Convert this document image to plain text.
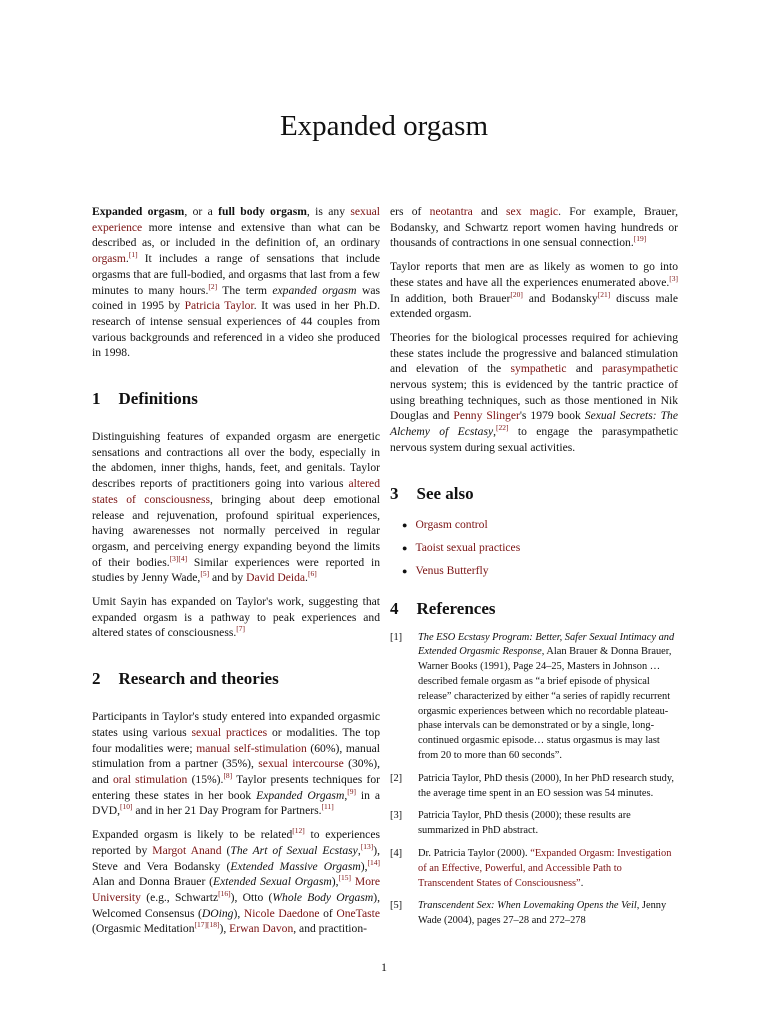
Expanded orgasm

Expanded orgasm, or a full body orgasm, is any sexual experience more intense and extensive than what can be described as, or included in the definition of, an ordinary orgasm.[1] It includes a range of sensations that include orgasms that are full-bodied, and orgasms that last from a few minutes to many hours.[2] The term expanded orgasm was coined in 1995 by Patricia Taylor. It was used in her Ph.D. research of intense sensual experiences of 44 couples from various backgrounds and referenced in a video she produced in 1998.

1 Definitions

Distinguishing features of expanded orgasm are energetic sensations and contractions all over the body, especially in the abdomen, inner thighs, hands, feet, and genitals. Taylor describes reports of practitioners going into various altered states of consciousness, bringing about deep emotional release and rejuvenation, profound spiritual experiences, having awarenesses not normally perceived in regular orgasm, and perceiving energy expanding beyond the limits of their bodies.[3][4] Similar experiences were reported in studies by Jenny Wade,[5] and by David Deida.[6]

Umit Sayin has expanded on Taylor's work, suggesting that expanded orgasm is a pathway to peak experiences and altered states of consciousness.[7]

2 Research and theories

Participants in Taylor's study entered into expanded orgasmic states using various sexual practices or modalities. The top four modalities were; manual self-stimulation (60%), manual stimulation from a partner (35%), sexual intercourse (30%), and oral stimulation (15%).[8] Taylor presents techniques for entering these states in her book Expanded Orgasm,[9] in a DVD,[10] and in her 21 Day Program for Partners.[11]

Expanded orgasm is likely to be related[12] to experiences reported by Margot Anand (The Art of Sexual Ecstasy,[13]), Steve and Vera Bodansky (Extended Massive Orgasm),[14] Alan and Donna Brauer (Extended Sexual Orgasm),[15] More University (e.g., Schwartz[16]), Otto (Whole Body Orgasm), Welcomed Consensus (DOing), Nicole Daedone of OneTaste (Orgasmic Meditation[17][18]), Erwan Davon, and practition-

ers of neotantra and sex magic. For example, Brauer, Bodansky, and Schwartz report women having hundreds or thousands of contractions in one sensual connection.[19]

Taylor reports that men are as likely as women to go into these states and have all the experiences enumerated above.[3] In addition, both Brauer[20] and Bodansky[21] discuss male extended orgasm.

Theories for the biological processes required for achieving these states include the progressive and balanced stimulation and elevation of the sympathetic and parasympathetic nervous system; this is evidenced by the tantric practice of using breathing techniques, such as those mentioned in Nik Douglas and Penny Slinger's 1979 book Sexual Secrets: The Alchemy of Ecstasy,[22] to engage the parasympathetic nervous system during sexual activities.

3 See also
● Orgasm control
● Taoist sexual practices
● Venus Butterfly
4 References
[1]	The ESO Ecstasy Program: Better, Safer Sexual Intimacy and Extended Orgasmic Response, Alan Brauer & Donna Brauer, Warner Books (1991), Page 24–25, Masters in Johnson … described female orgasm as “a brief episode of physical release” characterized by either “a series of rapidly recurrent orgasmic experiences between which no recordable plateau-phase intervals can be demonstrated or by a single, long-continued orgasmic episode… status orgasmus is may last from 20 to more than 60 seconds”.
[2]	Patricia Taylor, PhD thesis (2000), In her PhD research study, the average time spent in an EO session was 54 minutes.
[3]	Patricia Taylor, PhD thesis (2000); these results are summarized in PhD abstract.
[4]	Dr. Patricia Taylor (2000). “Expanded Orgasm: Investigation of an Effective, Powerful, and Accessible Path to Transcendent States of Consciousness”.
[5]	Transcendent Sex: When Lovemaking Opens the Veil, Jenny Wade (2004), pages 27–28 and 272–278
1
